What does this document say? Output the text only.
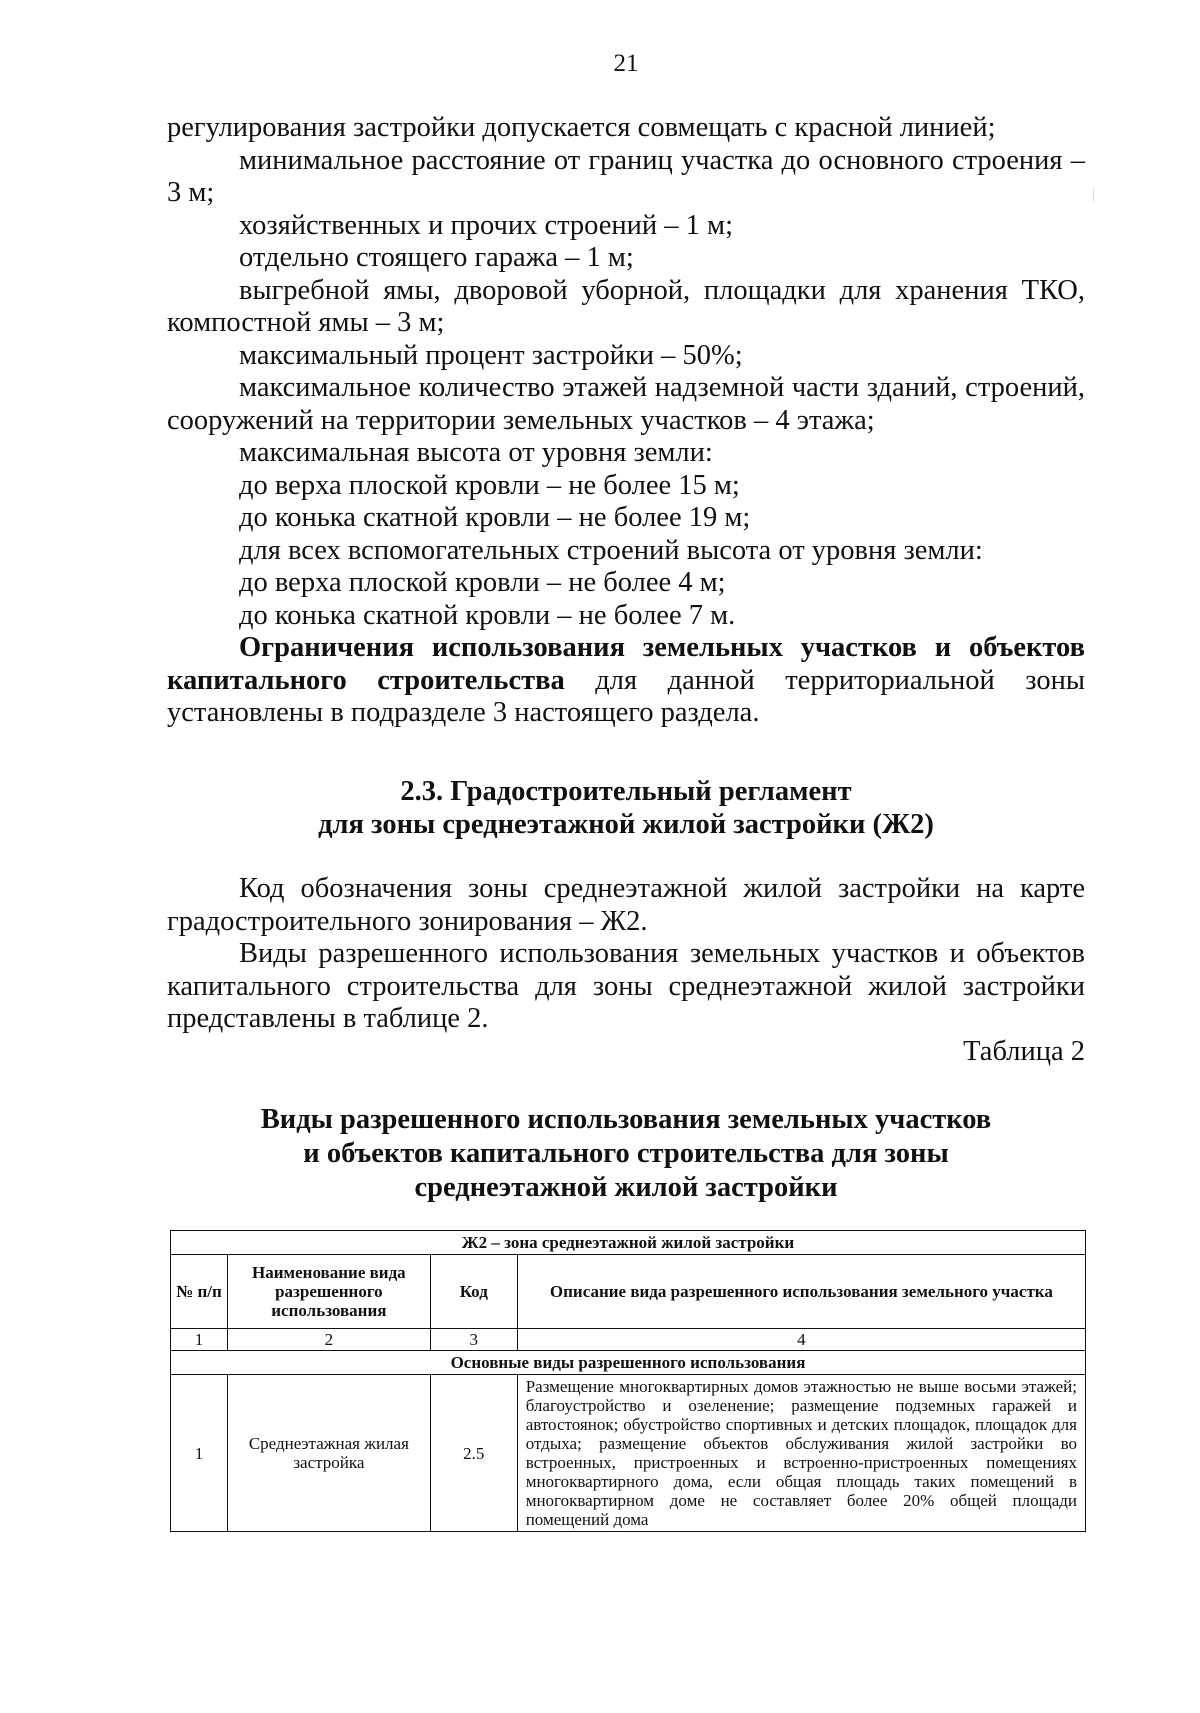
21

регулирования застройки допускается совмещать с красной линией;

минимальное расстояние от границ участка до основного строения – 3 м;

хозяйственных и прочих строений – 1 м;

отдельно стоящего гаража – 1 м;

выгребной ямы, дворовой уборной, площадки для хранения ТКО, компостной ямы – 3 м;

максимальный процент застройки – 50%;

максимальное количество этажей надземной части зданий, строений, сооружений на территории земельных участков – 4 этажа;

максимальная высота от уровня земли:

до верха плоской кровли – не более 15 м;

до конька скатной кровли – не более 19 м;

для всех вспомогательных строений высота от уровня земли:

до верха плоской кровли – не более 4 м;

до конька скатной кровли – не более 7 м.

Ограничения использования земельных участков и объектов капитального строительства для данной территориальной зоны установлены в подразделе 3 настоящего раздела.

2.3. Градостроительный регламент
для зоны среднеэтажной жилой застройки (Ж2)

Код обозначения зоны среднеэтажной жилой застройки на карте градостроительного зонирования – Ж2.

Виды разрешенного использования земельных участков и объектов капитального строительства для зоны среднеэтажной жилой застройки представлены в таблице 2.

Таблица 2
Виды разрешенного использования земельных участков
и объектов капитального строительства для зоны
среднеэтажной жилой застройки
Ж2 – зона среднеэтажной жилой застройки			
№ п/п	Наименование вида разрешенного использования	Код	Описание вида разрешенного использования земельного участка
1	2	3	4
Основные виды разрешенного использования			
1	Среднеэтажная жилая застройка	2.5	Размещение многоквартирных домов этажностью не выше восьми этажей; благоустройство и озеленение; размещение подземных гаражей и автостоянок; обустройство спортивных и детских площадок, площадок для отдыха; размещение объектов обслуживания жилой застройки во встроенных, пристроенных и встроенно-пристроенных помещениях многоквартирного дома, если общая площадь таких помещений в многоквартирном доме не составляет более 20% общей площади помещений дома
